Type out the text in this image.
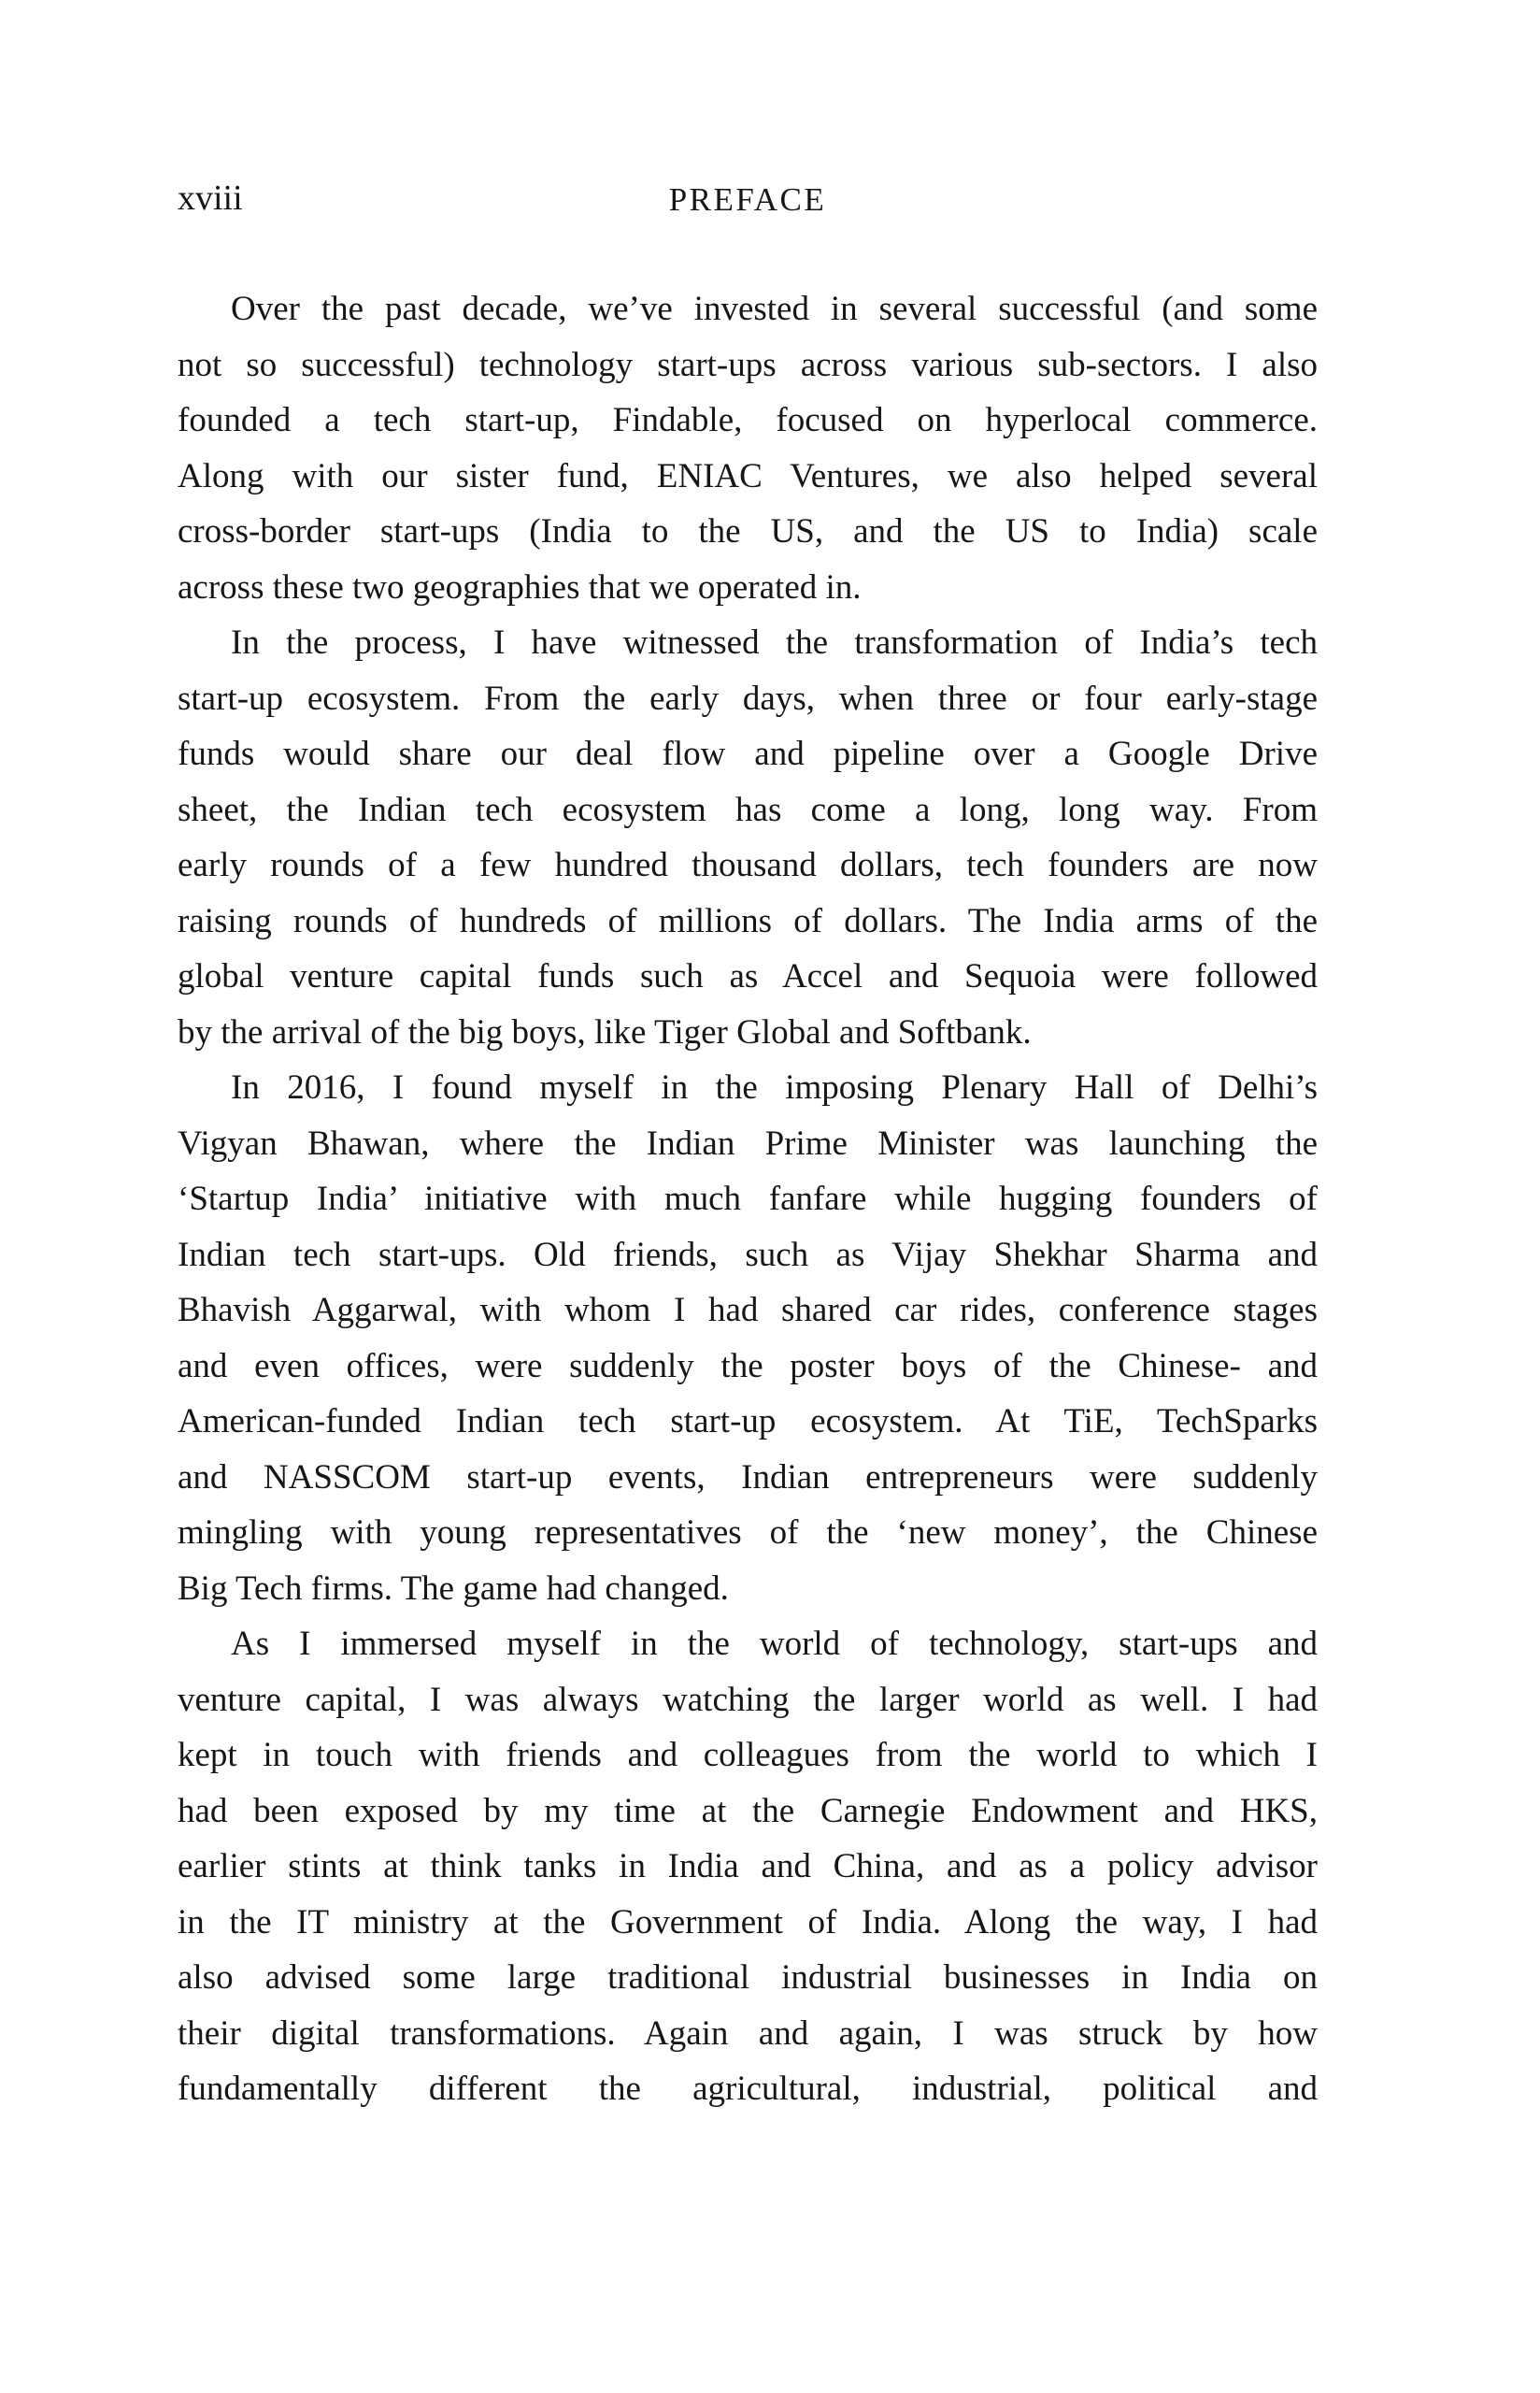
xviii	PREFACE

Over the past decade, we’ve invested in several successful (and some
not so successful) technology start-ups across various sub-sectors. I also
founded a tech start-up, Findable, focused on hyperlocal commerce.
Along with our sister fund, ENIAC Ventures, we also helped several
cross-border start-ups (India to the US, and the US to India) scale
across these two geographies that we operated in.

In the process, I have witnessed the transformation of India’s tech
start-up ecosystem. From the early days, when three or four early-stage
funds would share our deal flow and pipeline over a Google Drive
sheet, the Indian tech ecosystem has come a long, long way. From
early rounds of a few hundred thousand dollars, tech founders are now
raising rounds of hundreds of millions of dollars. The India arms of the
global venture capital funds such as Accel and Sequoia were followed
by the arrival of the big boys, like Tiger Global and Softbank.

In 2016, I found myself in the imposing Plenary Hall of Delhi’s
Vigyan Bhawan, where the Indian Prime Minister was launching the
‘Startup India’ initiative with much fanfare while hugging founders of
Indian tech start-ups. Old friends, such as Vijay Shekhar Sharma and
Bhavish Aggarwal, with whom I had shared car rides, conference stages
and even offices, were suddenly the poster boys of the Chinese- and
American-funded Indian tech start-up ecosystem. At TiE, TechSparks
and NASSCOM start-up events, Indian entrepreneurs were suddenly
mingling with young representatives of the ‘new money’, the Chinese
Big Tech firms. The game had changed.

As I immersed myself in the world of technology, start-ups and
venture capital, I was always watching the larger world as well. I had
kept in touch with friends and colleagues from the world to which I
had been exposed by my time at the Carnegie Endowment and HKS,
earlier stints at think tanks in India and China, and as a policy advisor
in the IT ministry at the Government of India. Along the way, I had
also advised some large traditional industrial businesses in India on
their digital transformations. Again and again, I was struck by how
fundamentally different the agricultural, industrial, political and
